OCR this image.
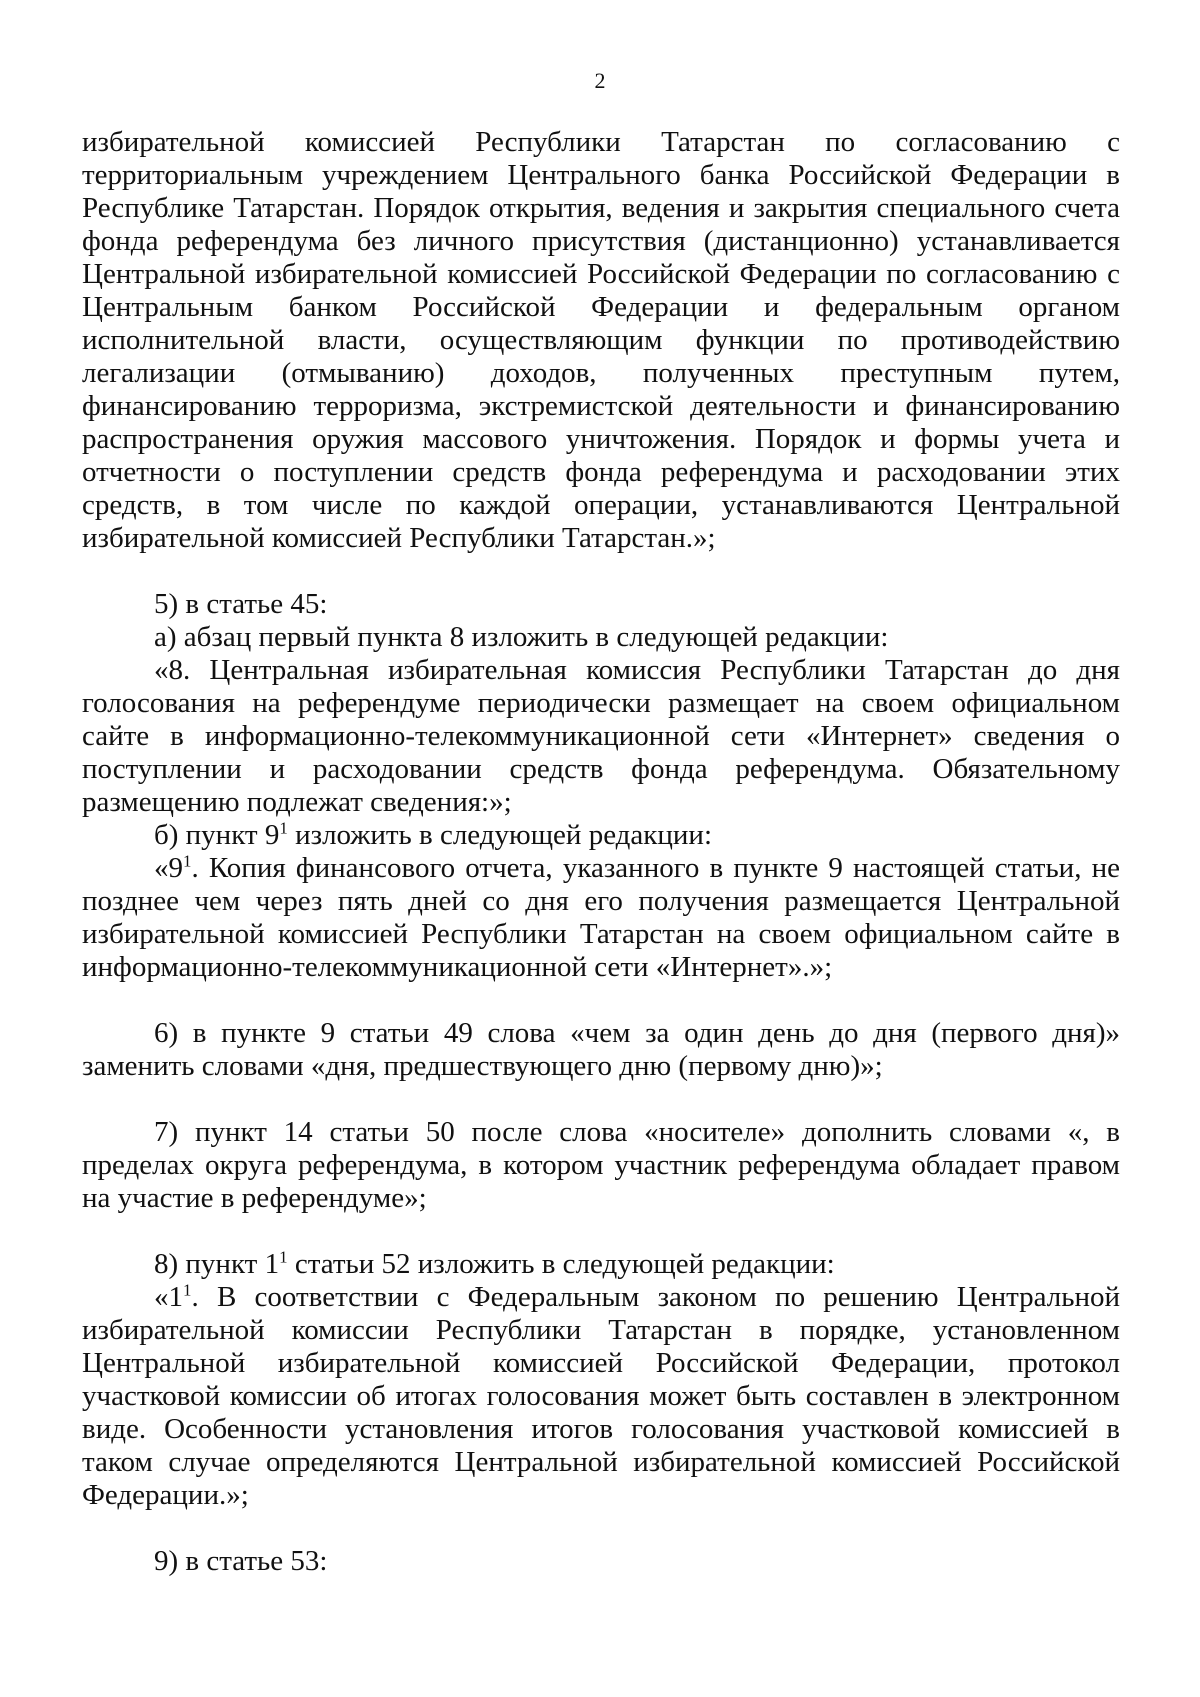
2

избирательной комиссией Республики Татарстан по согласованию с территориальным учреждением Центрального банка Российской Федерации в Республике Татарстан. Порядок открытия, ведения и закрытия специального счета фонда референдума без личного присутствия (дистанционно) устанавливается Центральной избирательной комиссией Российской Федерации по согласованию с Центральным банком Российской Федерации и федеральным органом исполнительной власти, осуществляющим функции по противодействию легализации (отмыванию) доходов, полученных преступным путем, финансированию терроризма, экстремистской деятельности и финансированию распространения оружия массового уничтожения. Порядок и формы учета и отчетности о поступлении средств фонда референдума и расходовании этих средств, в том числе по каждой операции, устанавливаются Центральной избирательной комиссией Республики Татарстан.»;

5) в статье 45:

а) абзац первый пункта 8 изложить в следующей редакции:

«8. Центральная избирательная комиссия Республики Татарстан до дня голосования на референдуме периодически размещает на своем официальном сайте в информационно-телекоммуникационной сети «Интернет» сведения о поступлении и расходовании средств фонда референдума. Обязательному размещению подлежат сведения:»;

б) пункт $9^1$ изложить в следующей редакции:

«$9^1$. Копия финансового отчета, указанного в пункте 9 настоящей статьи, не позднее чем через пять дней со дня его получения размещается Центральной избирательной комиссией Республики Татарстан на своем официальном сайте в информационно-телекоммуникационной сети «Интернет».»;

6) в пункте 9 статьи 49 слова «чем за один день до дня (первого дня)» заменить словами «дня, предшествующего дню (первому дню)»;

7) пункт 14 статьи 50 после слова «носителе» дополнить словами «, в пределах округа референдума, в котором участник референдума обладает правом на участие в референдуме»;

8) пункт $1^1$ статьи 52 изложить в следующей редакции:

«$1^1$. В соответствии с Федеральным законом по решению Центральной избирательной комиссии Республики Татарстан в порядке, установленном Центральной избирательной комиссией Российской Федерации, протокол участковой комиссии об итогах голосования может быть составлен в электронном виде. Особенности установления итогов голосования участковой комиссией в таком случае определяются Центральной избирательной комиссией Российской Федерации.»;

9) в статье 53:
